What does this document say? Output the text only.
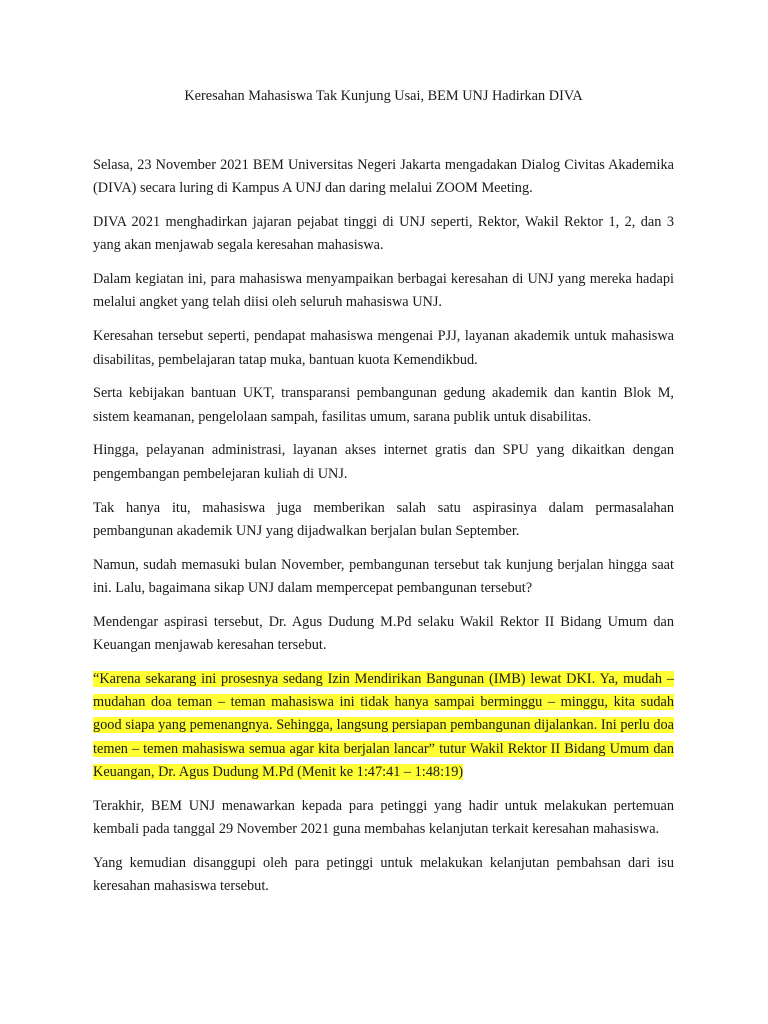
Keresahan Mahasiswa Tak Kunjung Usai, BEM UNJ Hadirkan DIVA

Selasa, 23 November 2021 BEM Universitas Negeri Jakarta mengadakan Dialog Civitas Akademika (DIVA) secara luring di Kampus A UNJ dan daring melalui ZOOM Meeting.

DIVA 2021 menghadirkan jajaran pejabat tinggi di UNJ seperti, Rektor, Wakil Rektor 1, 2, dan 3 yang akan menjawab segala keresahan mahasiswa.

Dalam kegiatan ini, para mahasiswa menyampaikan berbagai keresahan di UNJ yang mereka hadapi melalui angket yang telah diisi oleh seluruh mahasiswa UNJ.

Keresahan tersebut seperti, pendapat mahasiswa mengenai PJJ, layanan akademik untuk mahasiswa disabilitas, pembelajaran tatap muka, bantuan kuota Kemendikbud.

Serta kebijakan bantuan UKT, transparansi pembangunan gedung akademik dan kantin Blok M, sistem keamanan, pengelolaan sampah, fasilitas umum, sarana publik untuk disabilitas.

Hingga, pelayanan administrasi, layanan akses internet gratis dan SPU yang dikaitkan dengan pengembangan pembelejaran kuliah di UNJ.

Tak hanya itu, mahasiswa juga memberikan salah satu aspirasinya dalam permasalahan pembangunan akademik UNJ yang dijadwalkan berjalan bulan September.

Namun, sudah memasuki bulan November, pembangunan tersebut tak kunjung berjalan hingga saat ini. Lalu, bagaimana sikap UNJ dalam mempercepat pembangunan tersebut?

Mendengar aspirasi tersebut, Dr. Agus Dudung M.Pd selaku Wakil Rektor II Bidang Umum dan Keuangan menjawab keresahan tersebut.

“Karena sekarang ini prosesnya sedang Izin Mendirikan Bangunan (IMB) lewat DKI. Ya, mudah – mudahan doa teman – teman mahasiswa ini tidak hanya sampai berminggu – minggu, kita sudah good siapa yang pemenangnya. Sehingga, langsung persiapan pembangunan dijalankan. Ini perlu doa temen – temen mahasiswa semua agar kita berjalan lancar” tutur Wakil Rektor II Bidang Umum dan Keuangan, Dr. Agus Dudung M.Pd (Menit ke 1:47:41 – 1:48:19)

Terakhir, BEM UNJ menawarkan kepada para petinggi yang hadir untuk melakukan pertemuan kembali pada tanggal 29 November 2021 guna membahas kelanjutan terkait keresahan mahasiswa.

Yang kemudian disanggupi oleh para petinggi untuk melakukan kelanjutan pembahsan dari isu keresahan mahasiswa tersebut.
